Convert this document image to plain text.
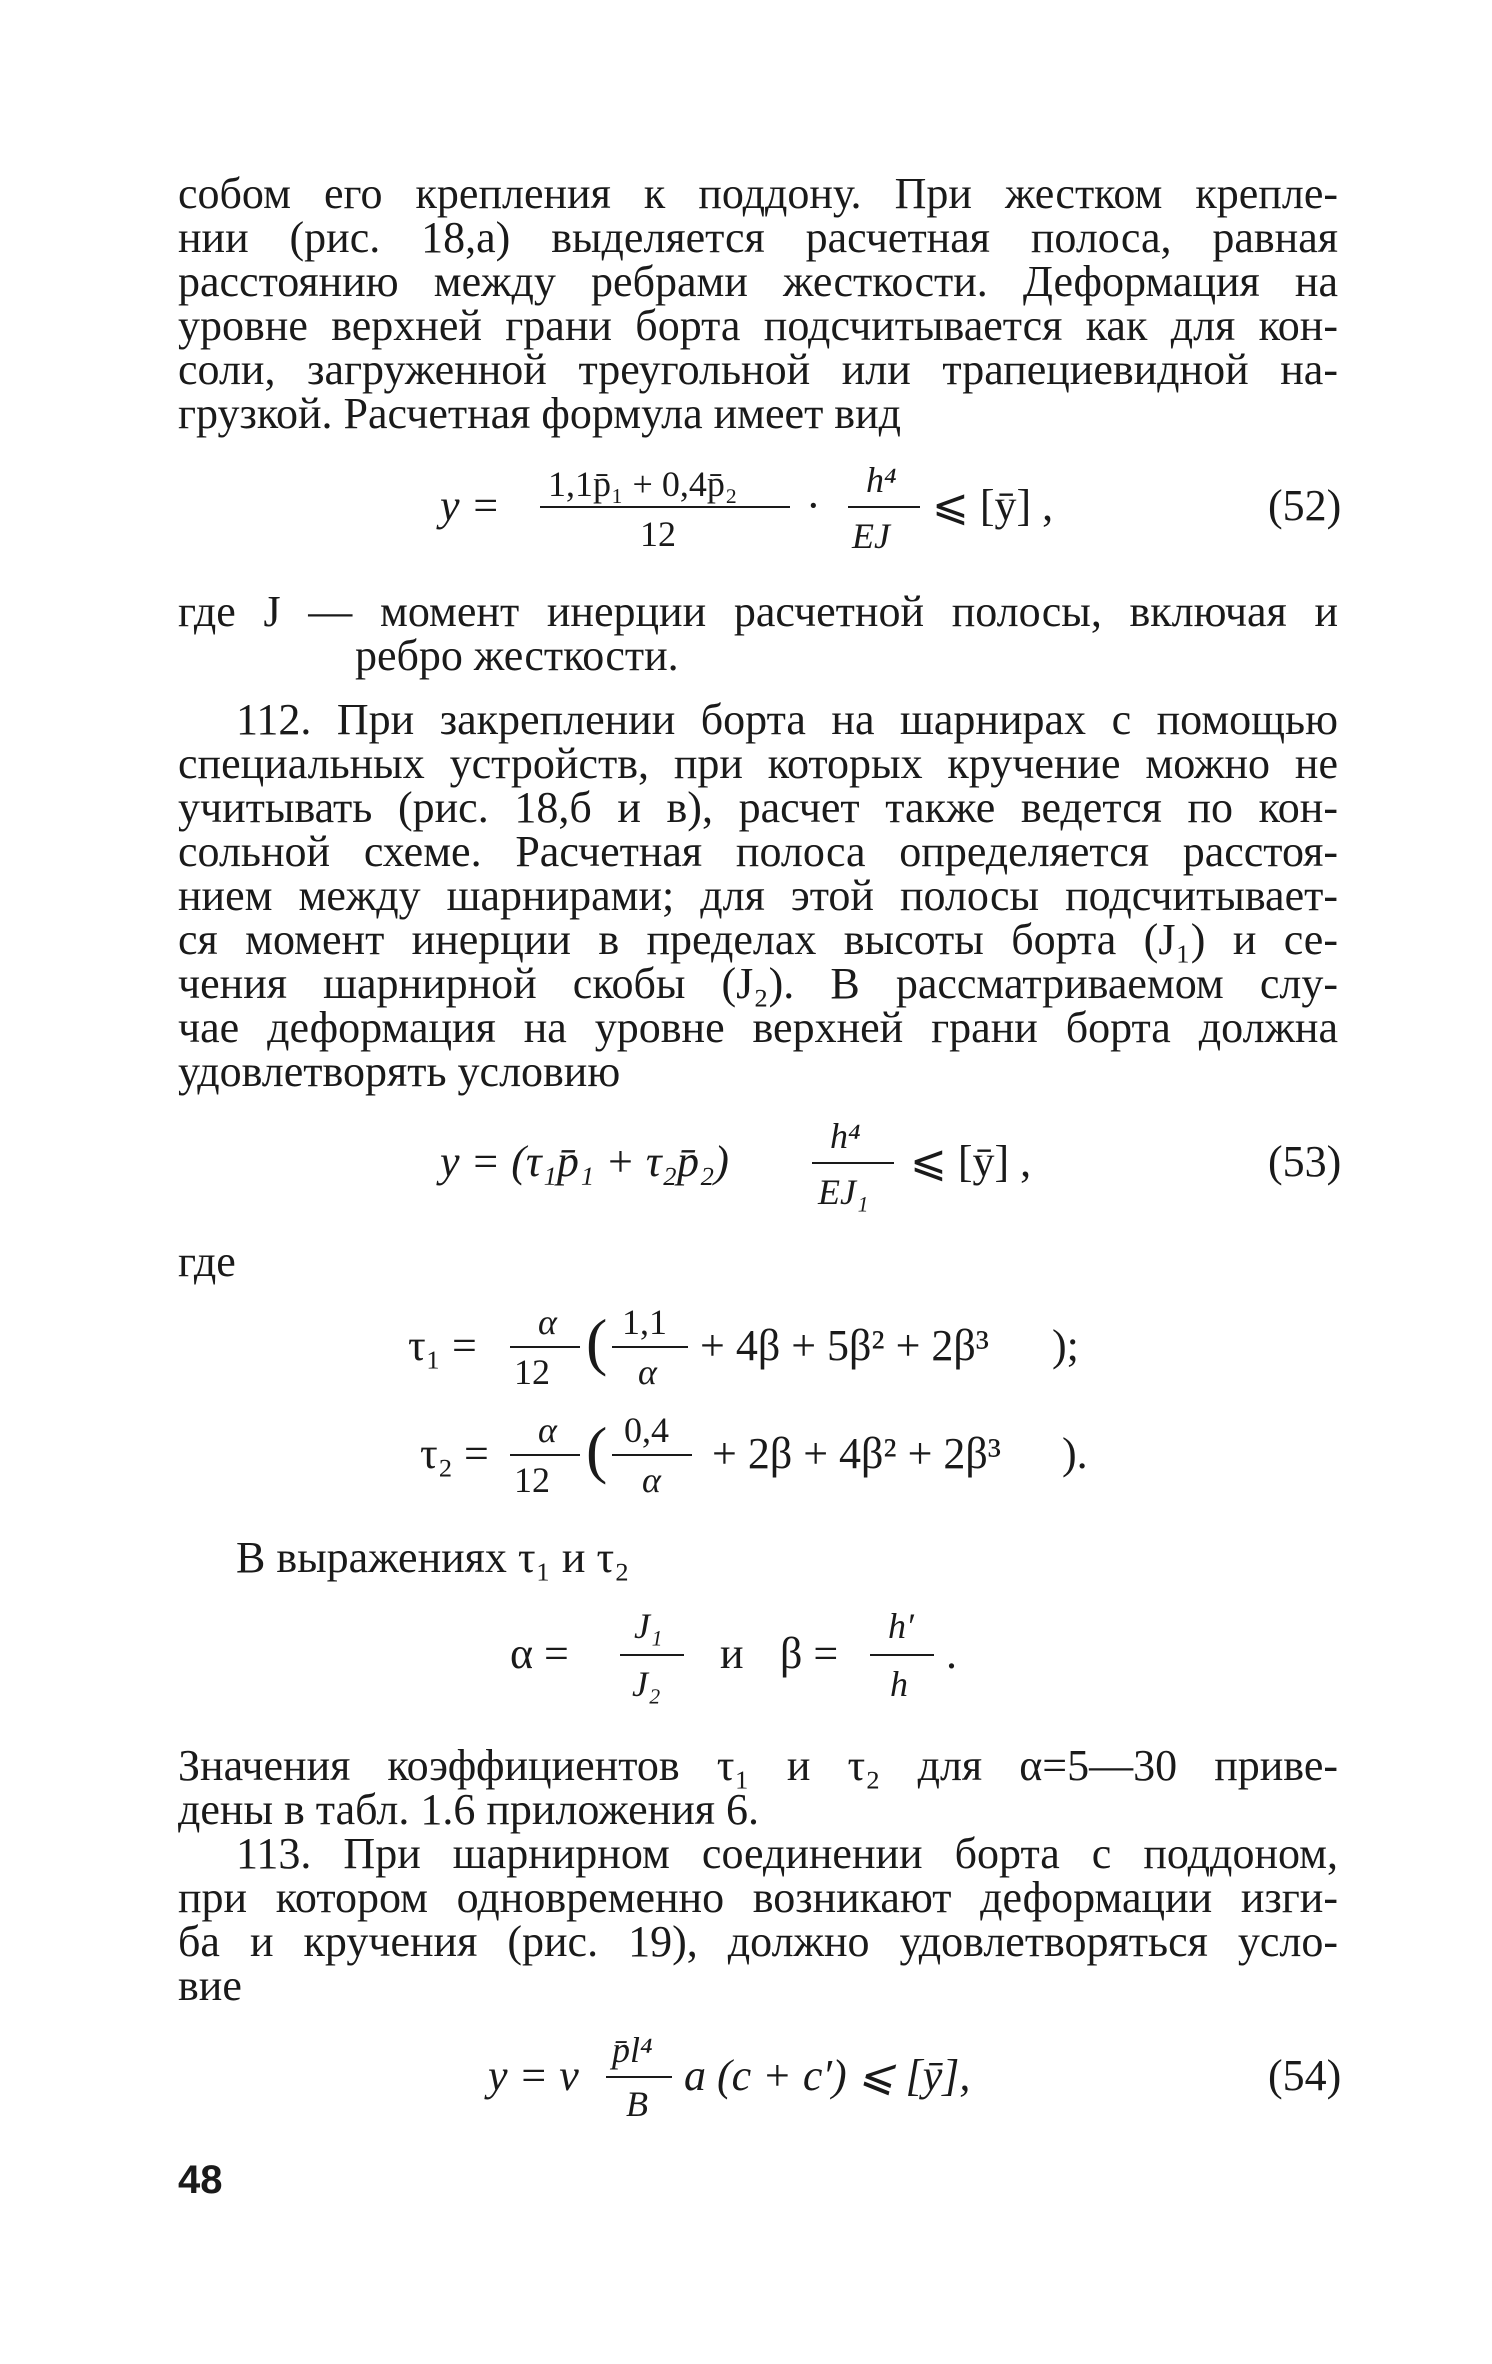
собом его крепления к поддону. При жестком крепле-
нии (рис. 18,а) выделяется расчетная полоса, равная
расстоянию между ребрами жесткости. Деформация на
уровне верхней грани борта подсчитывается как для кон-
соли, загруженной треугольной или трапециевидной на-
грузкой. Расчетная формула имеет вид
y = 1,1p̄₁ + 0,4p̄₂
12
·
h⁴
EJ
⩽ [ȳ] ,	(52)
где J — момент инерции расчетной полосы, включая и
ребро жесткости.
112. При закреплении борта на шарнирах с помощью
специальных устройств, при которых кручение можно не
учитывать (рис. 18,б и в), расчет также ведется по кон-
сольной схеме. Расчетная полоса определяется расстоя-
нием между шарнирами; для этой полосы подсчитывает-
ся момент инерции в пределах высоты борта (J₁) и се-
чения шарнирной скобы (J₂). В рассматриваемом слу-
чае деформация на уровне верхней грани борта должна
удовлетворять условию
y = (τ₁p̄₁ + τ₂p̄₂)
h⁴
EJ₁
⩽ [ȳ] ,	(53)
где
τ₁ = α
12 ( 1,1
α
+ 4β + 5β² + 2β³ );
τ₂ = α
12 ( 0,4
α
+ 2β + 4β² + 2β³ ).
В выражениях τ₁ и τ₂
α =
J₁
J₂
и β =
h′
h
.
Значения коэффициентов τ₁ и τ₂ для α=5—30 приве-
дены в табл. 1.6 приложения 6.
113. При шарнирном соединении борта с поддоном,
при котором одновременно возникают деформации изги-
ба и кручения (рис. 19), должно удовлетворяться усло-
вие
y = ν
p̄l⁴
B
a (c + c′) ⩽ [ȳ],	(54)
48
